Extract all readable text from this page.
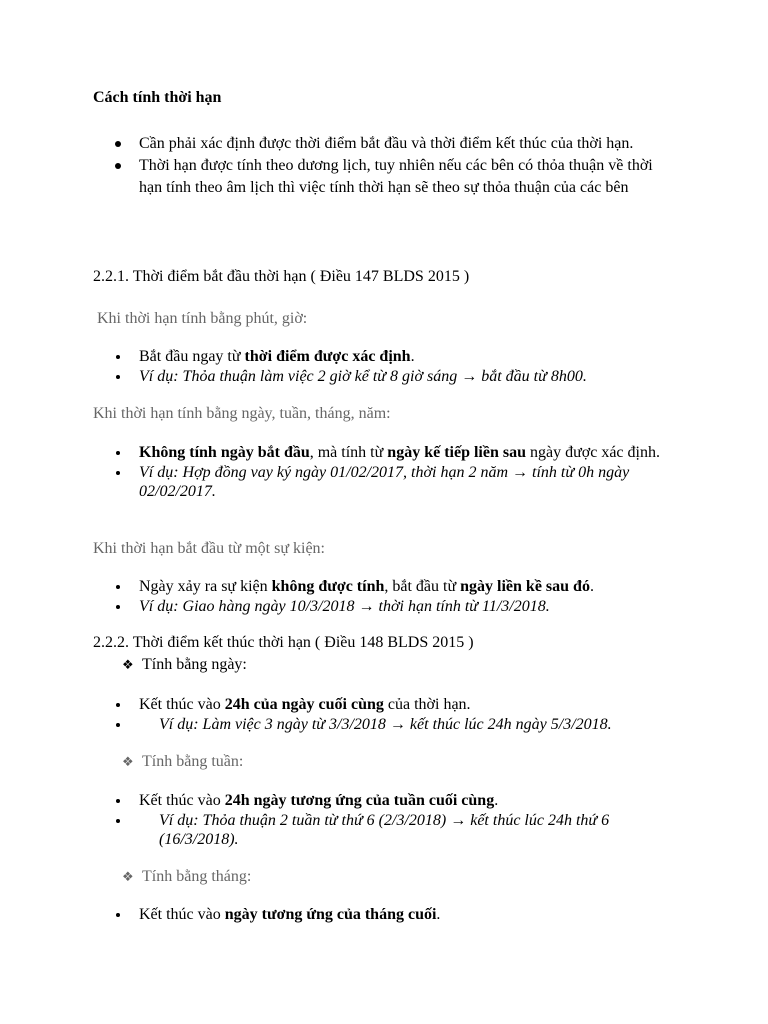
Cách tính thời hạn

Cần phải xác định được thời điểm bắt đầu và thời điểm kết thúc của thời hạn.
Thời hạn được tính theo dương lịch, tuy nhiên nếu các bên có thỏa thuận về thời hạn tính theo âm lịch thì việc tính thời hạn sẽ theo sự thỏa thuận của các bên

2.2.1. Thời điểm bắt đầu thời hạn ( Điều 147 BLDS 2015 )

Khi thời hạn tính bằng phút, giờ:

Bắt đầu ngay từ thời điểm được xác định.
Ví dụ: Thỏa thuận làm việc 2 giờ kể từ 8 giờ sáng → bắt đầu từ 8h00.

Khi thời hạn tính bằng ngày, tuần, tháng, năm:

Không tính ngày bắt đầu, mà tính từ ngày kế tiếp liền sau ngày được xác định.
Ví dụ: Hợp đồng vay ký ngày 01/02/2017, thời hạn 2 năm → tính từ 0h ngày 02/02/2017.

Khi thời hạn bắt đầu từ một sự kiện:

Ngày xảy ra sự kiện không được tính, bắt đầu từ ngày liền kề sau đó.
Ví dụ: Giao hàng ngày 10/3/2018 → thời hạn tính từ 11/3/2018.

2.2.2. Thời điểm kết thúc thời hạn ( Điều 148 BLDS 2015 )

❖ Tính bằng ngày:

Kết thúc vào 24h của ngày cuối cùng của thời hạn.
Ví dụ: Làm việc 3 ngày từ 3/3/2018 → kết thúc lúc 24h ngày 5/3/2018.

❖ Tính bằng tuần:

Kết thúc vào 24h ngày tương ứng của tuần cuối cùng.
Ví dụ: Thỏa thuận 2 tuần từ thứ 6 (2/3/2018) → kết thúc lúc 24h thứ 6 (16/3/2018).

❖ Tính bằng tháng:

Kết thúc vào ngày tương ứng của tháng cuối.
